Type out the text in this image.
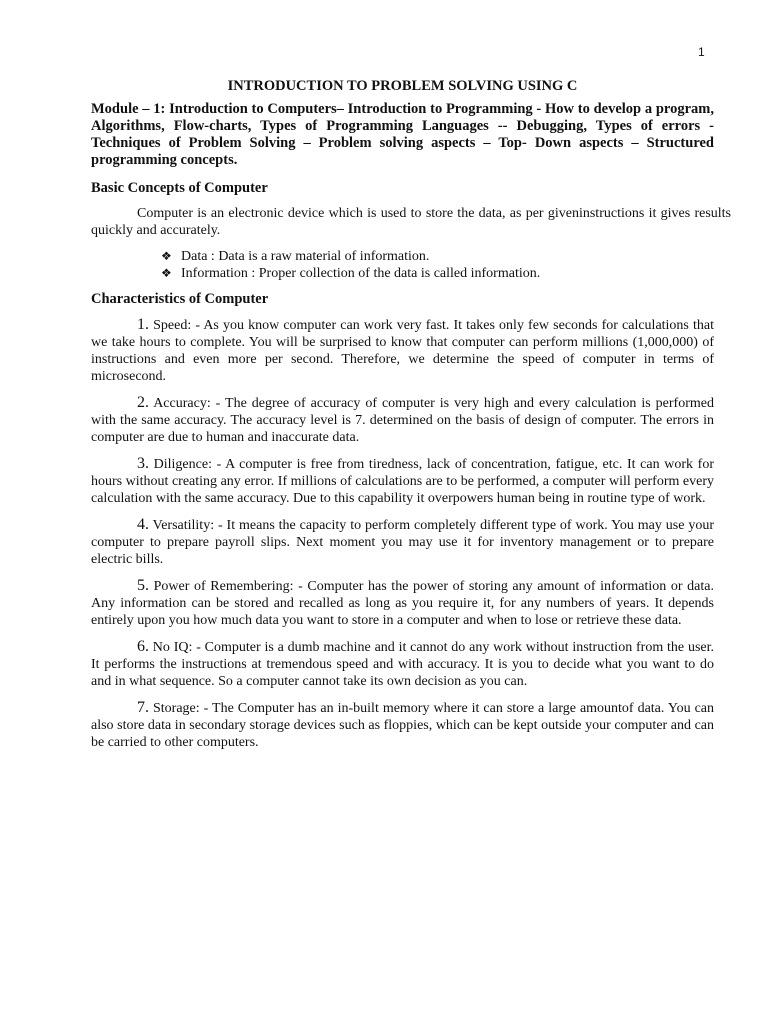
1

INTRODUCTION TO PROBLEM SOLVING USING C

Module – 1: Introduction to Computers– Introduction to Programming - How to develop a program, Algorithms, Flow-charts, Types of Programming Languages -- Debugging, Types of errors - Techniques of Problem Solving – Problem solving aspects – Top- Down aspects – Structured programming concepts.

Basic Concepts of Computer

Computer is an electronic device which is used to store the data, as per giveninstructions it gives results quickly and accurately.

❖ Data : Data is a raw material of information.
❖ Information : Proper collection of the data is called information.

Characteristics of Computer

1. Speed: - As you know computer can work very fast. It takes only few seconds for calculations that we take hours to complete. You will be surprised to know that computer can perform millions (1,000,000) of instructions and even more per second. Therefore, we determine the speed of computer in terms of microsecond.

2. Accuracy: - The degree of accuracy of computer is very high and every calculation is performed with the same accuracy. The accuracy level is 7. determined on the basis of design of computer. The errors in computer are due to human and inaccurate data.

3. Diligence: - A computer is free from tiredness, lack of concentration, fatigue, etc. It can work for hours without creating any error. If millions of calculations are to be performed, a computer will perform every calculation with the same accuracy. Due to this capability it overpowers human being in routine type of work.

4. Versatility: - It means the capacity to perform completely different type of work. You may use your computer to prepare payroll slips. Next moment you may use it for inventory management or to prepare electric bills.

5. Power of Remembering: - Computer has the power of storing any amount of information or data. Any information can be stored and recalled as long as you require it, for any numbers of years. It depends entirely upon you how much data you want to store in a computer and when to lose or retrieve these data.

6. No IQ: - Computer is a dumb machine and it cannot do any work without instruction from the user. It performs the instructions at tremendous speed and with accuracy. It is you to decide what you want to do and in what sequence. So a computer cannot take its own decision as you can.

7. Storage: - The Computer has an in-built memory where it can store a large amountof data. You can also store data in secondary storage devices such as floppies, which can be kept outside your computer and can be carried to other computers.
